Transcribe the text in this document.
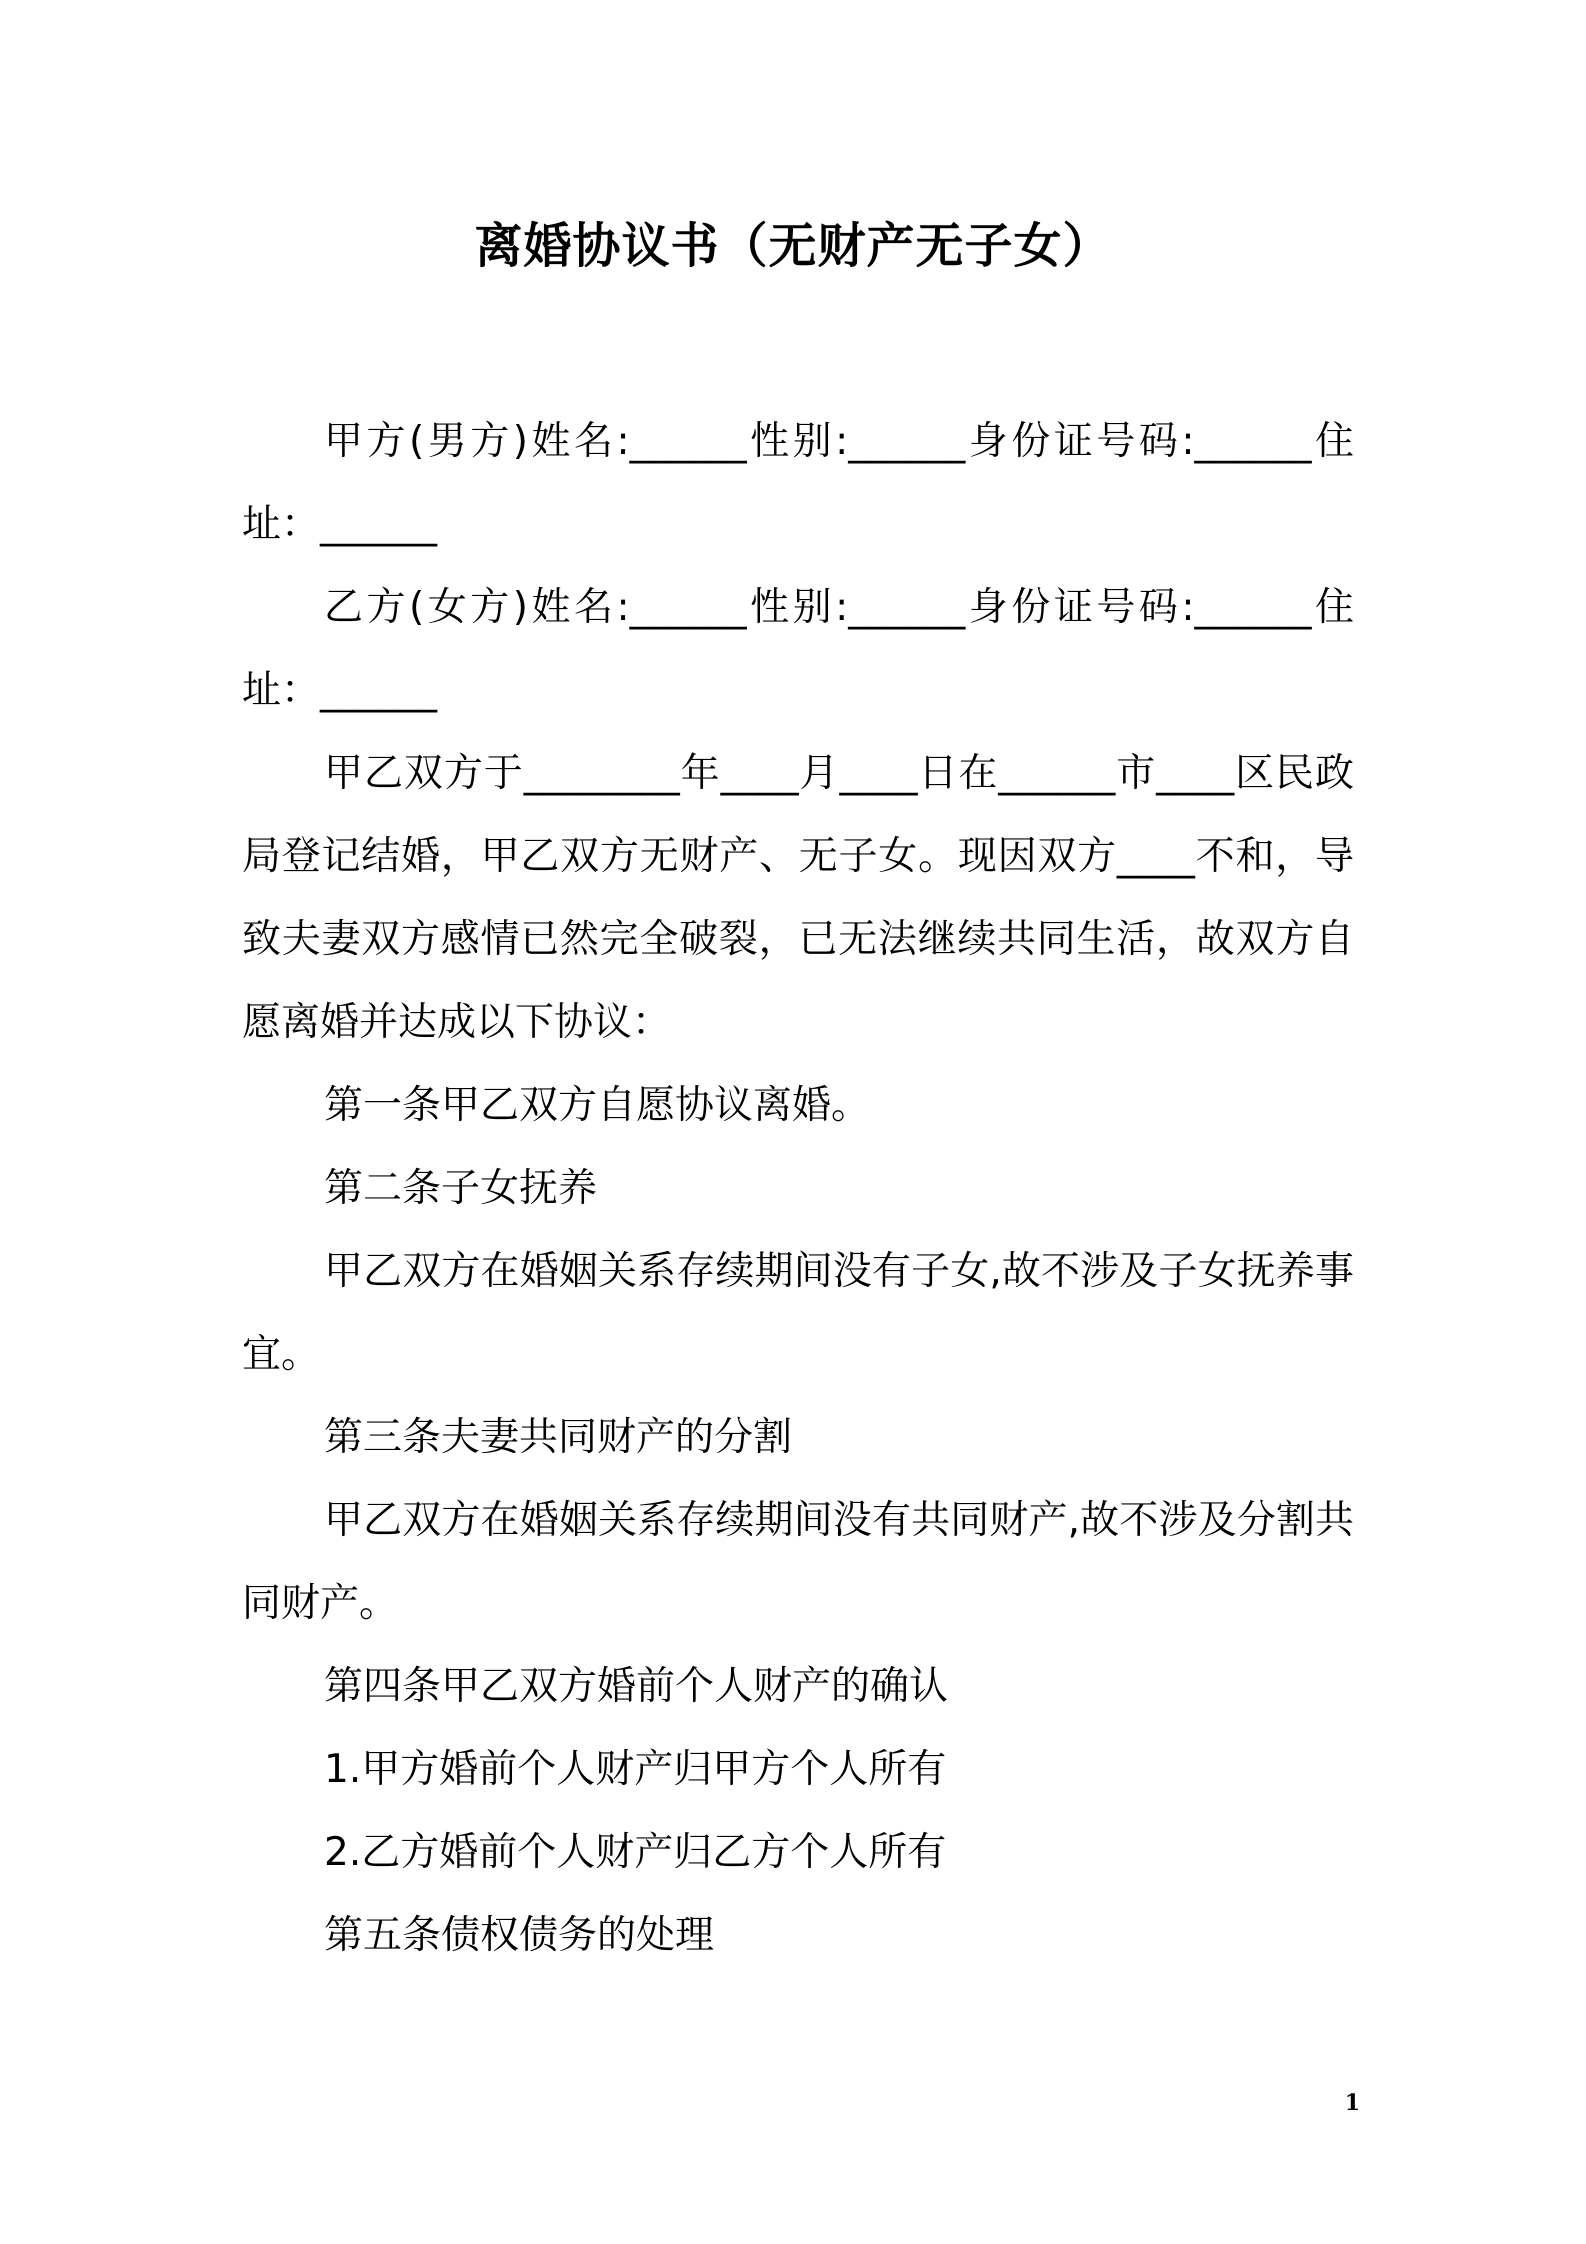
离婚协议书（无财产无子女）

甲方(男方)姓名:______性别:______身份证号码:______住址：______

乙方(女方)姓名:______性别:______身份证号码:______住址：______

甲乙双方于________年____月____日在______市____区民政局登记结婚，甲乙双方无财产、无子女。现因双方____不和，导致夫妻双方感情已然完全破裂，已无法继续共同生活，故双方自愿离婚并达成以下协议：

第一条甲乙双方自愿协议离婚。

第二条子女抚养

甲乙双方在婚姻关系存续期间没有子女,故不涉及子女抚养事宜。

第三条夫妻共同财产的分割

甲乙双方在婚姻关系存续期间没有共同财产,故不涉及分割共同财产。

第四条甲乙双方婚前个人财产的确认

1.甲方婚前个人财产归甲方个人所有

2.乙方婚前个人财产归乙方个人所有

第五条债权债务的处理

1
